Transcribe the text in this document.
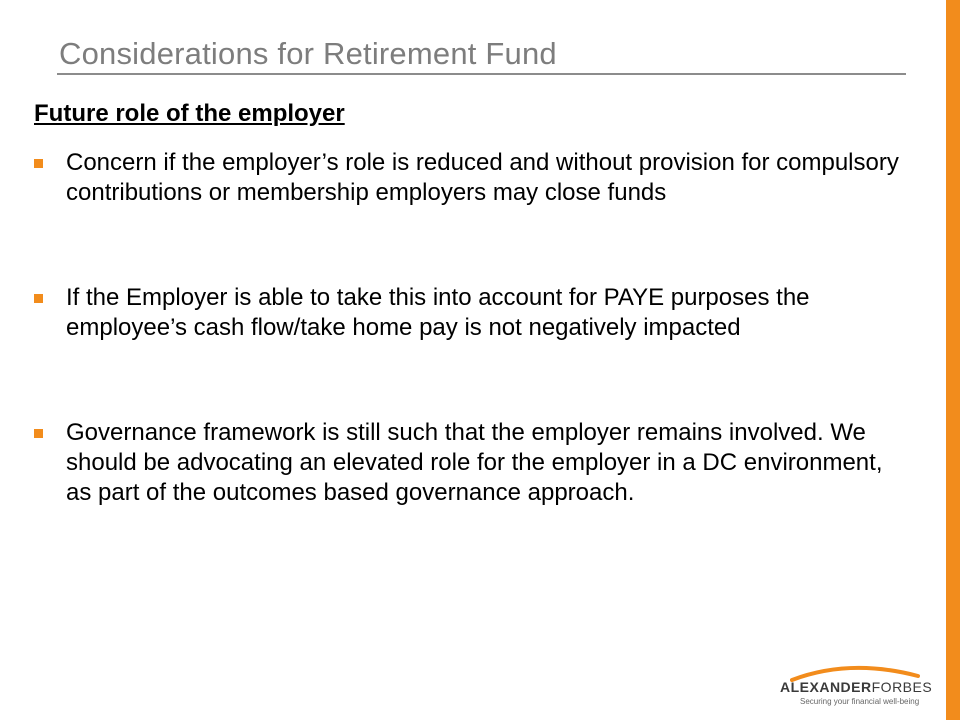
Considerations for Retirement Fund
Future role of the employer
Concern if the employer’s role is reduced and without provision for compulsory contributions or membership employers may close funds
If the Employer is able to take this into account for PAYE purposes the employee’s cash flow/take home pay is not negatively impacted
Governance framework is still such that the employer remains involved. We should be advocating an elevated role for the employer in a DC environment, as part of the outcomes based governance approach.
ALEXANDERFORBES
Securing your financial well-being
